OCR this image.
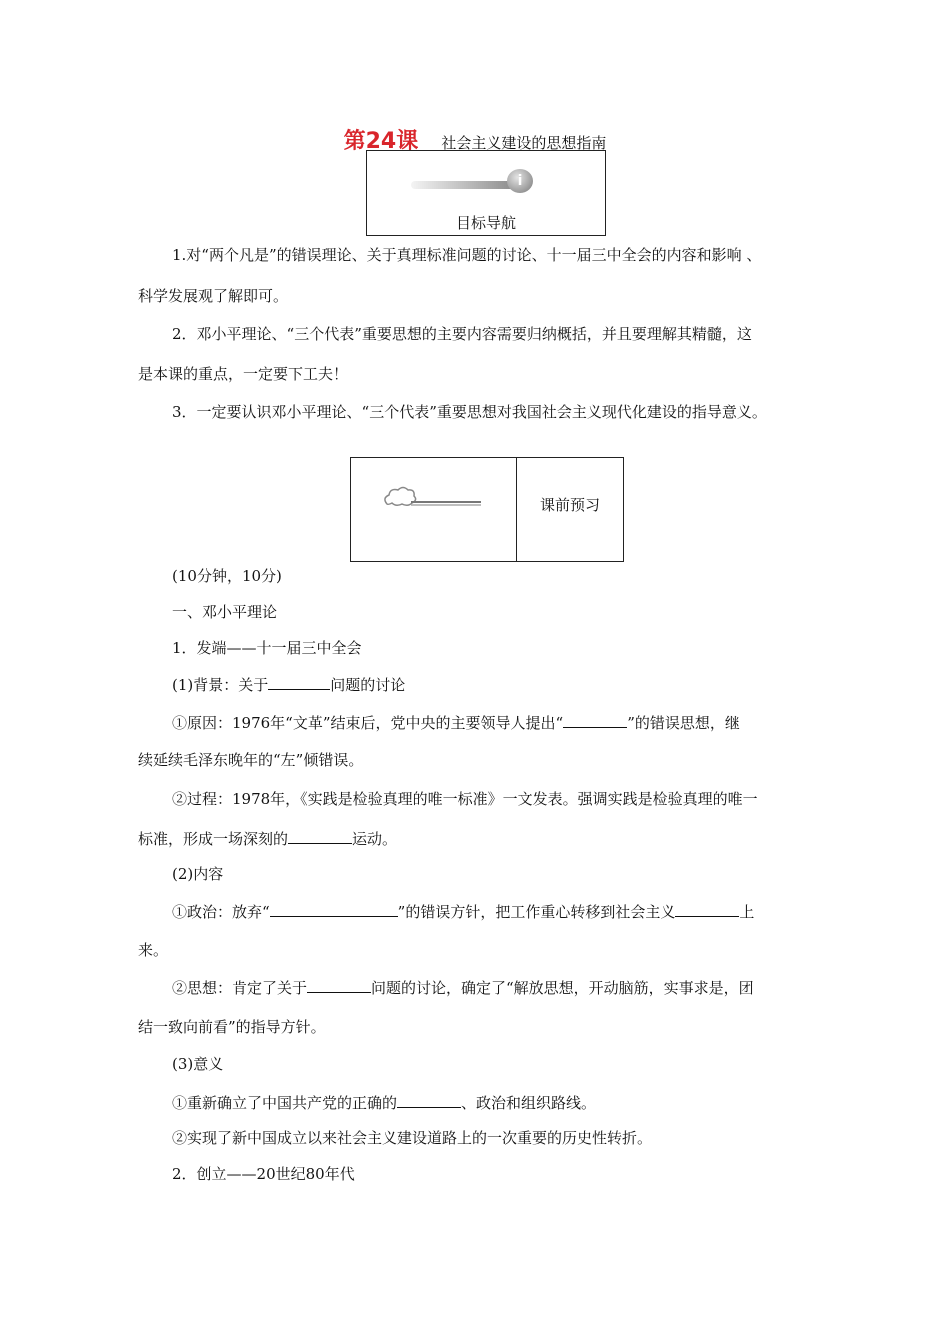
第24课 社会主义建设的思想指南
i
目标导航

1.对“两个凡是”的错误理论、关于真理标准问题的讨论、十一届三中全会的内容和影响 、

科学发展观了解即可。

2．邓小平理论、“三个代表”重要思想的主要内容需要归纳概括，并且要理解其精髓，这

是本课的重点，一定要下工夫！

3．一定要认识邓小平理论、“三个代表”重要思想对我国社会主义现代化建设的指导意义。

课前预习

(10分钟，10分)

一、邓小平理论

1．发端——十一届三中全会

(1)背景：关于	问题的讨论

①原因：1976年“文革”结束后，党中央的主要领导人提出“	”的错误思想，继

续延续毛泽东晚年的“左”倾错误。

②过程：1978年，《实践是检验真理的唯一标准》一文发表。强调实践是检验真理的唯一

标准，形成一场深刻的	运动。

(2)内容

①政治：放弃“	”的错误方针，把工作重心转移到社会主义	上

来。

②思想：肯定了关于	问题的讨论，确定了“解放思想，开动脑筋，实事求是，团

结一致向前看”的指导方针。

(3)意义

①重新确立了中国共产党的正确的	、政治和组织路线。

②实现了新中国成立以来社会主义建设道路上的一次重要的历史性转折。

2．创立——20世纪80年代
